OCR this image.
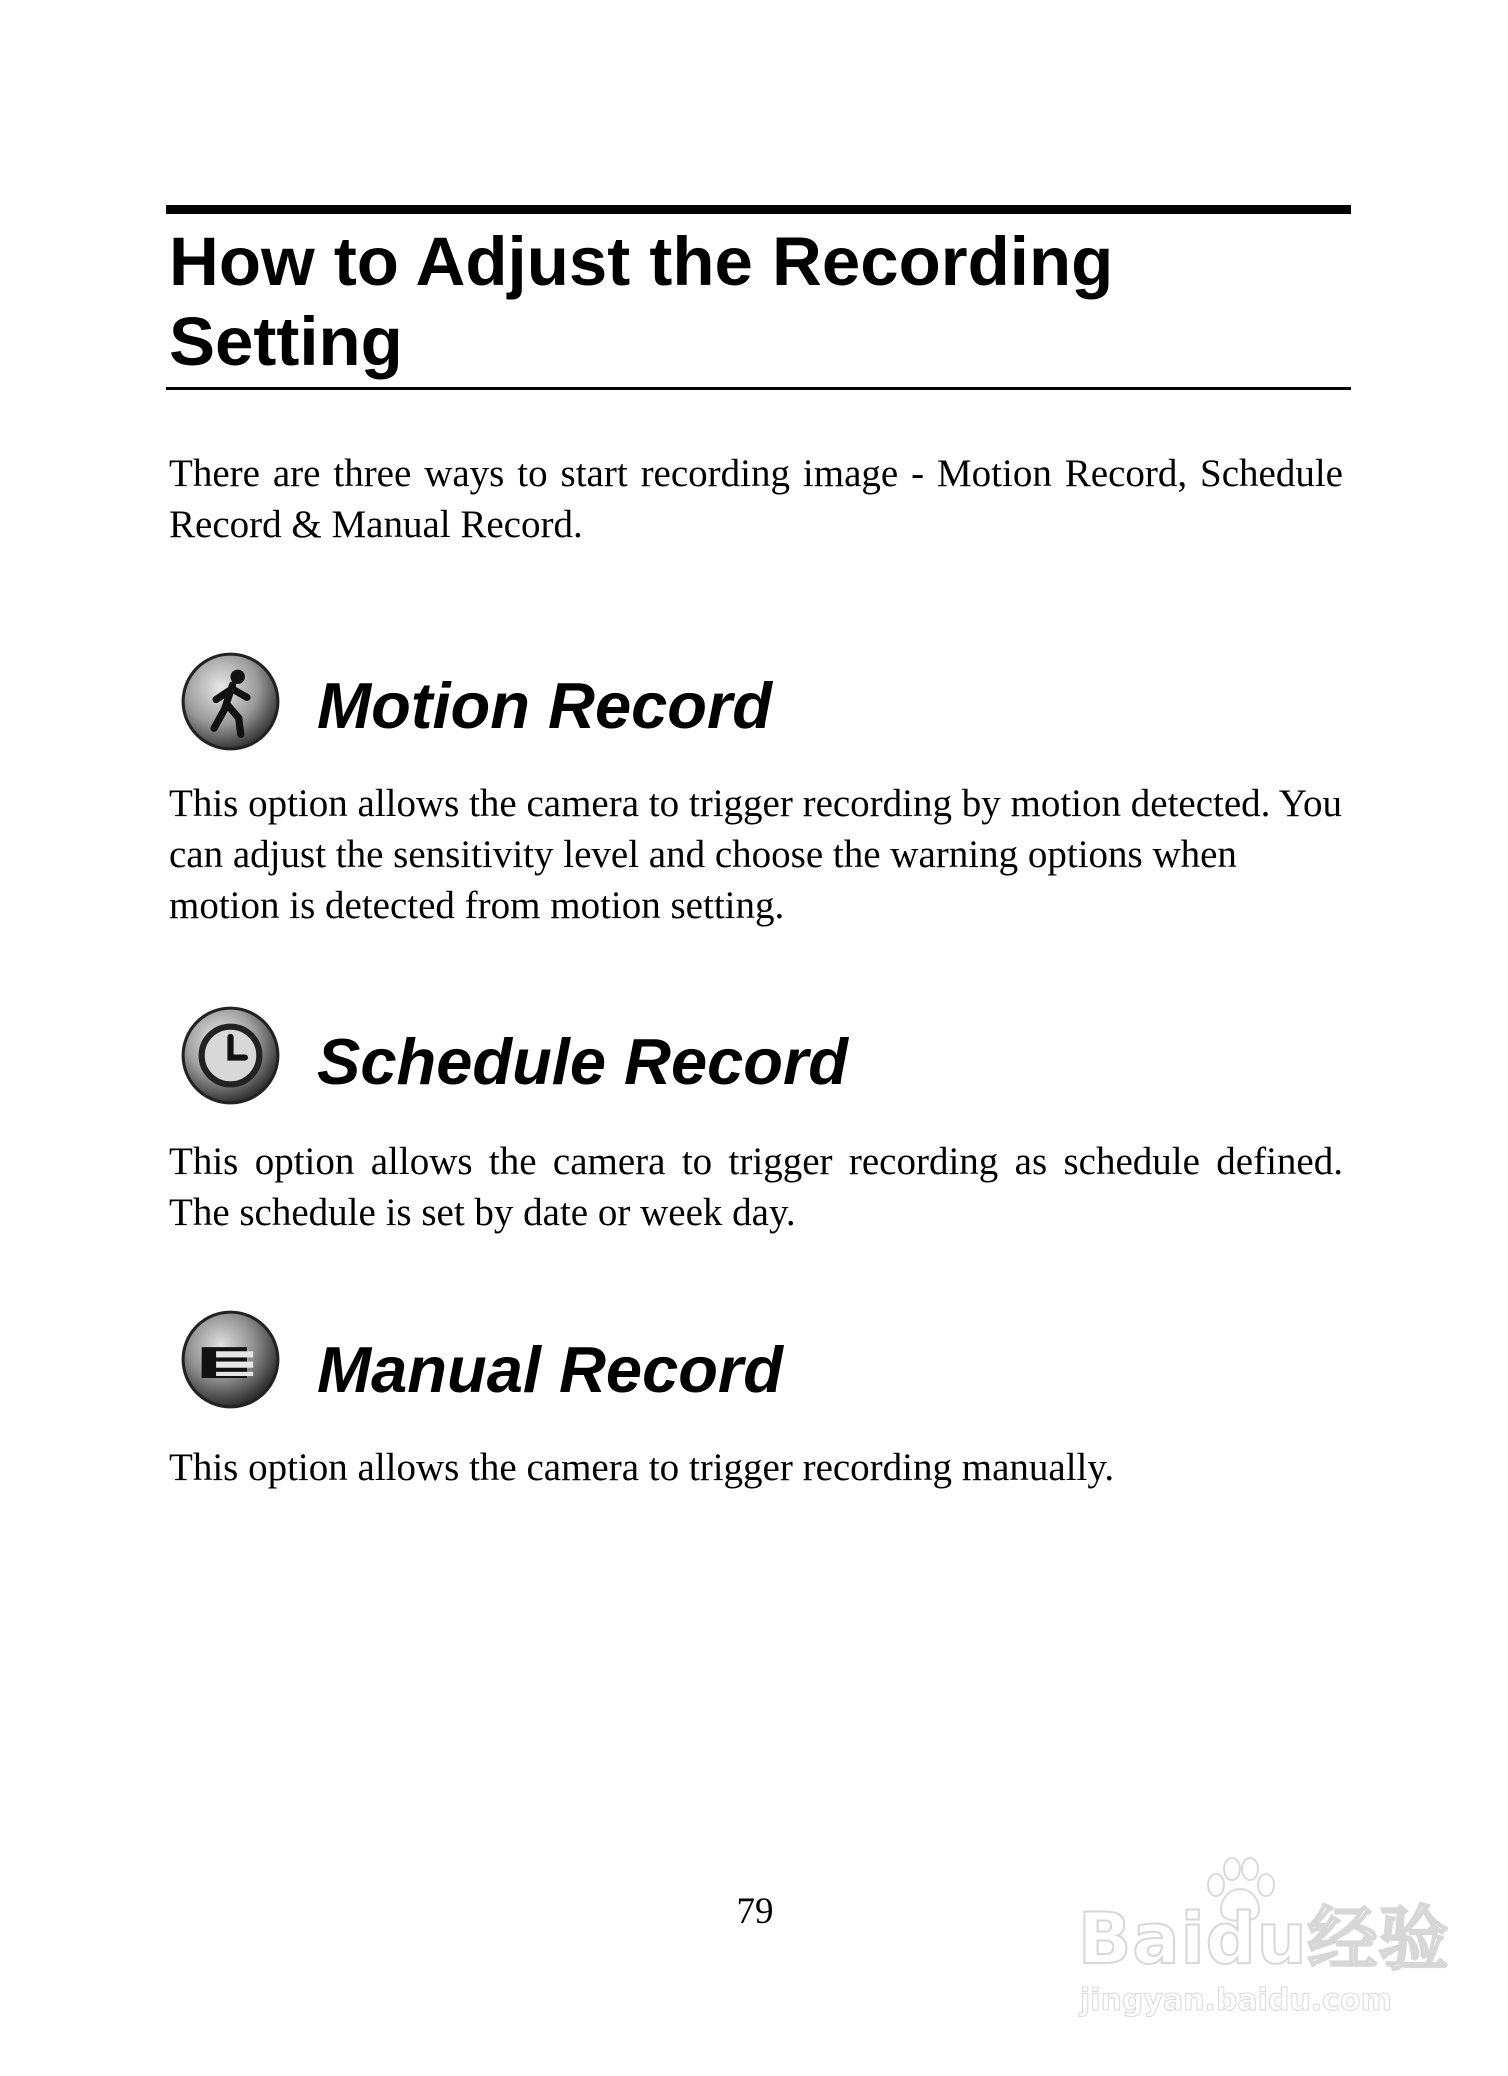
How to Adjust the Recording Setting

There are three ways to start recording image - Motion Record, Schedule Record & Manual Record.

Motion Record

This option allows the camera to trigger recording by motion detected. You can adjust the sensitivity level and choose the warning options when motion is detected from motion setting.

Schedule Record

This option allows the camera to trigger recording as schedule defined. The schedule is set by date or week day.

Manual Record

This option allows the camera to trigger recording manually.

79	Baidu经验
jingyan.baidu.com
